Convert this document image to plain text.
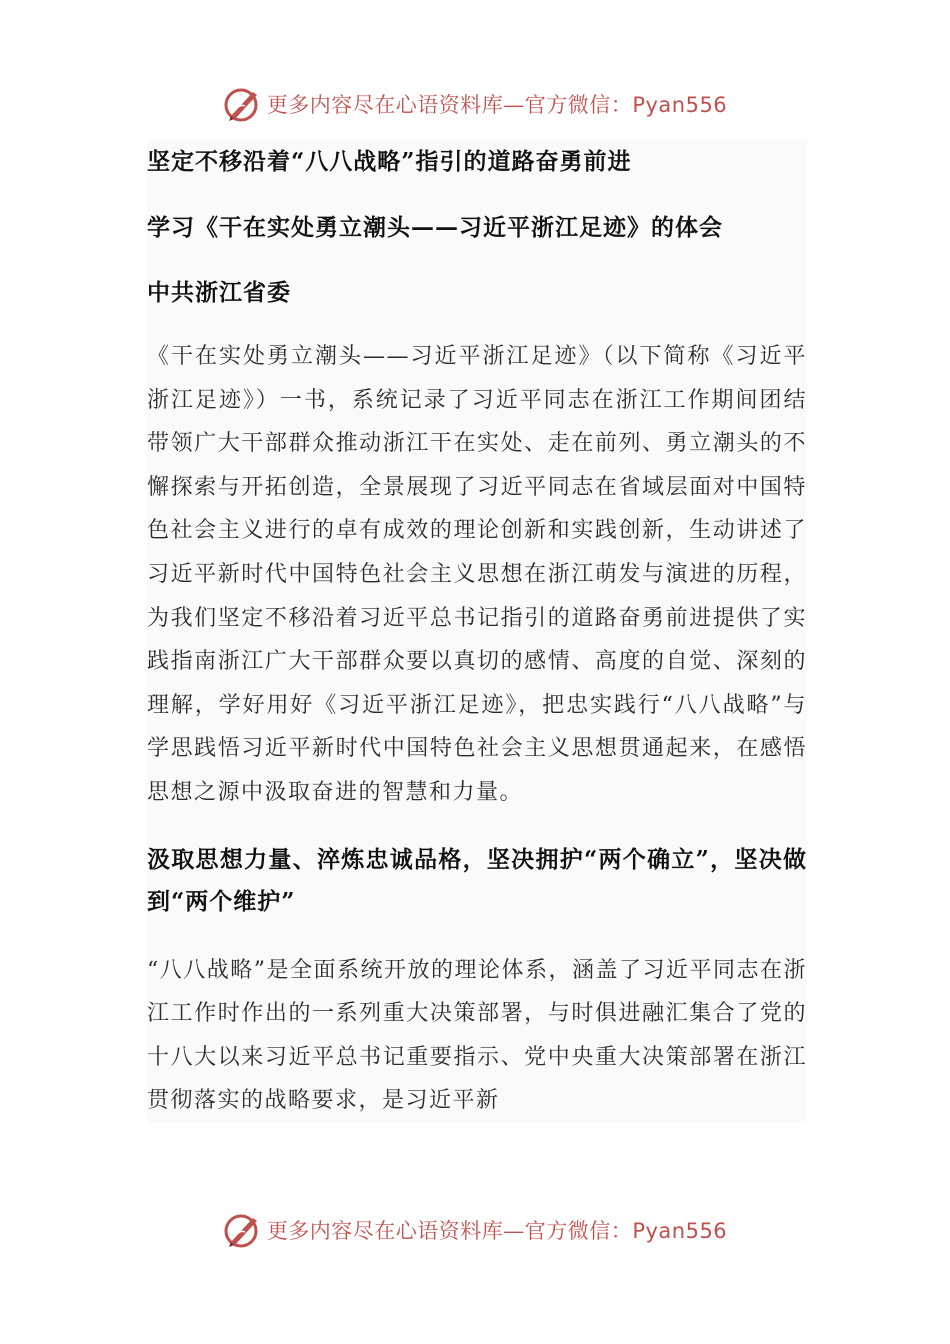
更多内容尽在心语资料库—官方微信：Pyan556

坚定不移沿着“八八战略”指引的道路奋勇前进

学习《干在实处勇立潮头——习近平浙江足迹》的体会

中共浙江省委

《干在实处勇立潮头——习近平浙江足迹》（以下简称《习近平浙江足迹》）一书，系统记录了习近平同志在浙江工作期间团结带领广大干部群众推动浙江干在实处、走在前列、勇立潮头的不懈探索与开拓创造，全景展现了习近平同志在省域层面对中国特色社会主义进行的卓有成效的理论创新和实践创新，生动讲述了习近平新时代中国特色社会主义思想在浙江萌发与演进的历程，为我们坚定不移沿着习近平总书记指引的道路奋勇前进提供了实践指南浙江广大干部群众要以真切的感情、高度的自觉、深刻的理解，学好用好《习近平浙江足迹》，把忠实践行“八八战略”与学思践悟习近平新时代中国特色社会主义思想贯通起来，在感悟思想之源中汲取奋进的智慧和力量。

汲取思想力量、淬炼忠诚品格，坚决拥护“两个确立”，坚决做到“两个维护”

“八八战略”是全面系统开放的理论体系，涵盖了习近平同志在浙江工作时作出的一系列重大决策部署，与时俱进融汇集合了党的十八大以来习近平总书记重要指示、党中央重大决策部署在浙江贯彻落实的战略要求，是习近平新

更多内容尽在心语资料库—官方微信：Pyan556
